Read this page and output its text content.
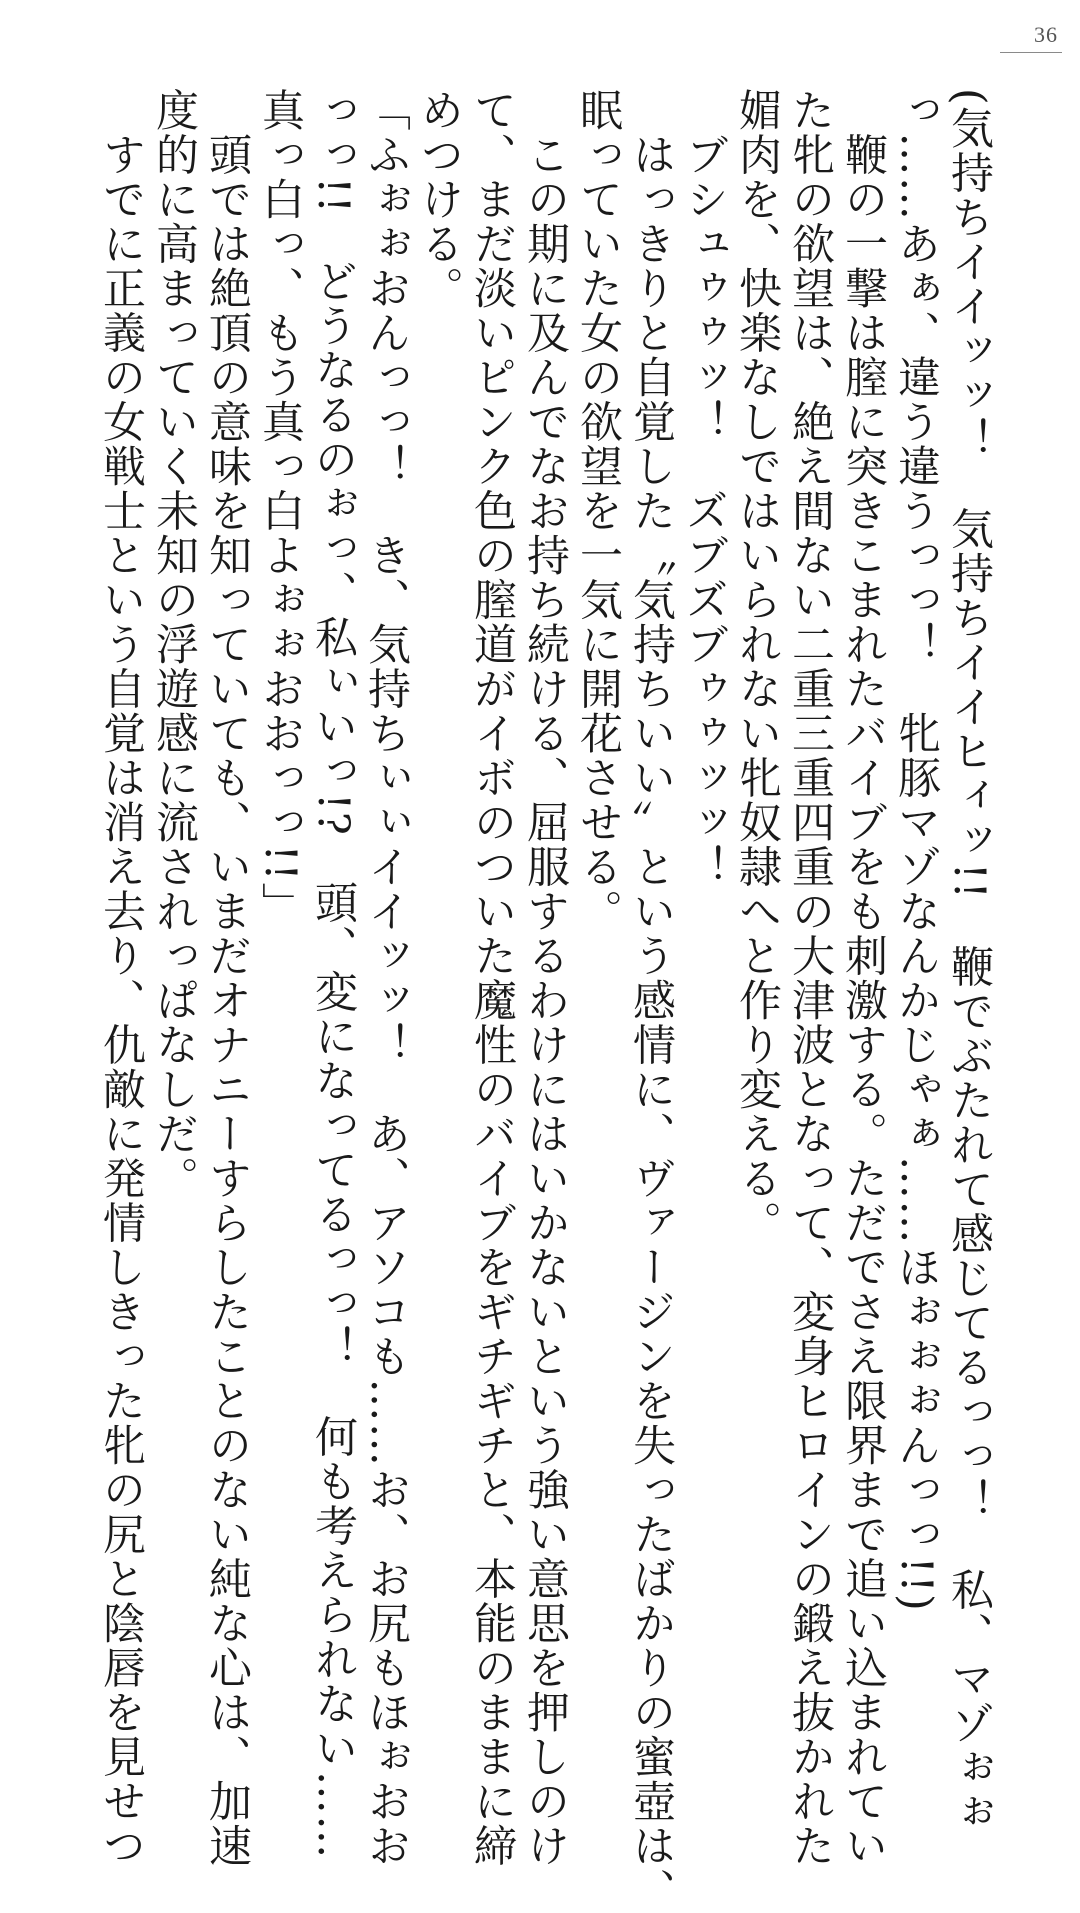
36
(気持ちイイッッ！　気持ちイイヒィッ!!　鞭でぶたれて感じてるっっ！　私、マゾぉぉ
っ……あぁ、違う違うっっ！　牝豚マゾなんかじゃぁ……ほぉぉぉんっっ!!)
　鞭の一撃は膣に突きこまれたバイブをも刺激する。ただでさえ限界まで追い込まれてい
た牝の欲望は、絶え間ない二重三重四重の大津波となって、変身ヒロインの鍛え抜かれた
媚肉を、快楽なしではいられない牝奴隷へと作り変える。
　ブシュゥゥッ！　ズブズブゥゥッッ！
　はっきりと自覚した〝気持ちいい〟という感情に、ヴァージンを失ったばかりの蜜壺は、
眠っていた女の欲望を一気に開花させる。
　この期に及んでなお持ち続ける、屈服するわけにはいかないという強い意思を押しのけ
て、まだ淡いピンク色の膣道がイボのついた魔性のバイブをギチギチと、本能のままに締
めつける。
「ふぉぉおんっっ！　き、気持ちぃぃイイッッ！　あ、アソコも……お、お尻もほぉおお
っっ!!　どうなるのぉっ、私ぃいっ!?　頭、変になってるっっ！　何も考えられない……
真っ白っ、もう真っ白よぉぉおおっっ!!」
　頭では絶頂の意味を知っていても、いまだオナニーすらしたことのない純な心は、加速
度的に高まっていく未知の浮遊感に流されっぱなしだ。
　すでに正義の女戦士という自覚は消え去り、仇敵に発情しきった牝の尻と陰唇を見せつ
